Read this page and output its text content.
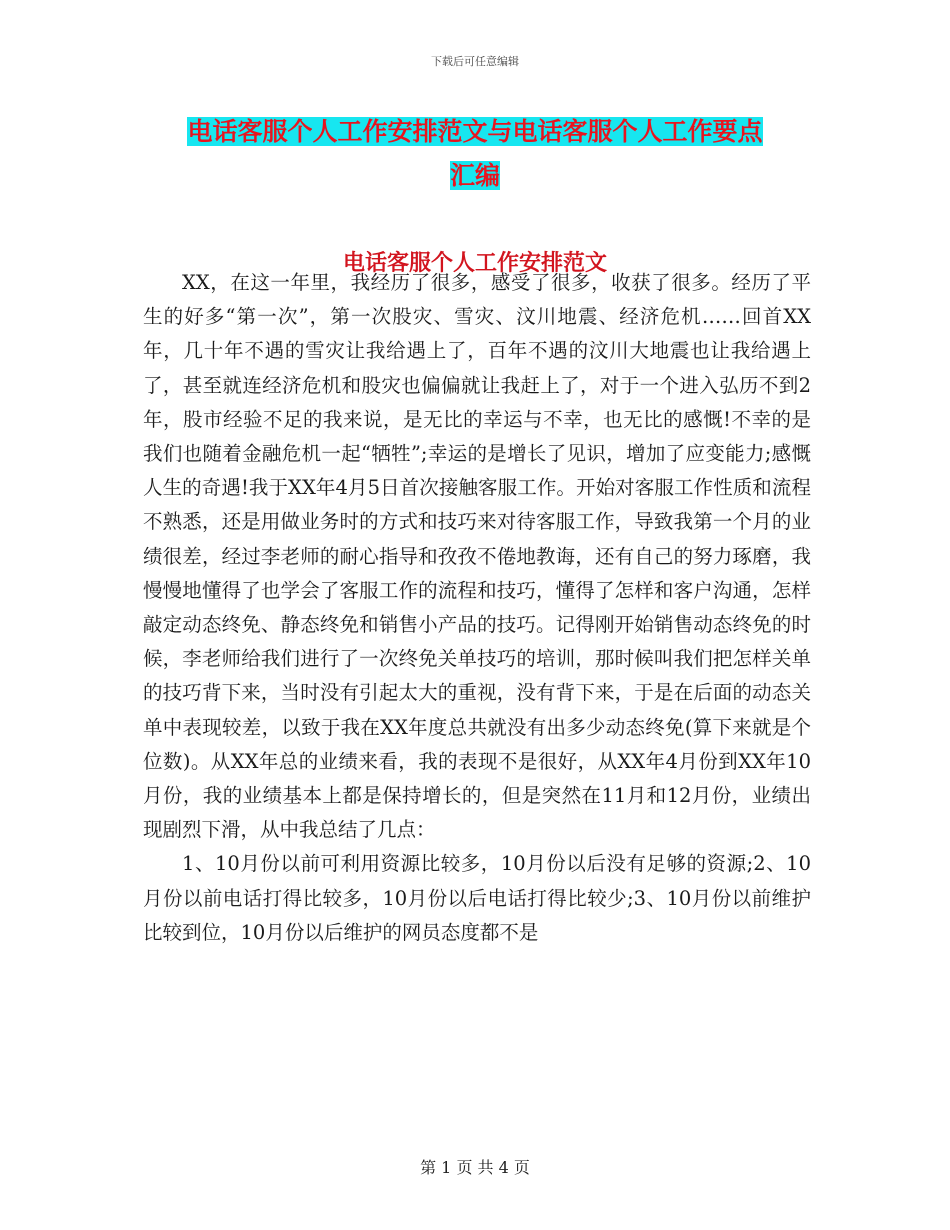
下载后可任意编辑
电话客服个人工作安排范文与电话客服个人工作要点
汇编
电话客服个人工作安排范文

XX，在这一年里，我经历了很多，感受了很多，收获了很多。经历了平生的好多“第一次”，第一次股灾、雪灾、汶川地震、经济危机……回首XX年，几十年不遇的雪灾让我给遇上了，百年不遇的汶川大地震也让我给遇上了，甚至就连经济危机和股灾也偏偏就让我赶上了，对于一个进入弘历不到2年，股市经验不足的我来说，是无比的幸运与不幸，也无比的感慨!不幸的是我们也随着金融危机一起“牺牲”;幸运的是增长了见识，增加了应变能力;感慨人生的奇遇!我于XX年4月5日首次接触客服工作。开始对客服工作性质和流程不熟悉，还是用做业务时的方式和技巧来对待客服工作，导致我第一个月的业绩很差，经过李老师的耐心指导和孜孜不倦地教诲，还有自己的努力琢磨，我慢慢地懂得了也学会了客服工作的流程和技巧，懂得了怎样和客户沟通，怎样敲定动态终免、静态终免和销售小产品的技巧。记得刚开始销售动态终免的时候，李老师给我们进行了一次终免关单技巧的培训，那时候叫我们把怎样关单的技巧背下来，当时没有引起太大的重视，没有背下来，于是在后面的动态关单中表现较差，以致于我在XX年度总共就没有出多少动态终免(算下来就是个位数)。从XX年总的业绩来看，我的表现不是很好，从XX年4月份到XX年10月份，我的业绩基本上都是保持增长的，但是突然在11月和12月份，业绩出现剧烈下滑，从中我总结了几点：

1、10月份以前可利用资源比较多，10月份以后没有足够的资源;2、10月份以前电话打得比较多，10月份以后电话打得比较少;3、10月份以前维护比较到位，10月份以后维护的网员态度都不是

第 1 页 共 4 页
